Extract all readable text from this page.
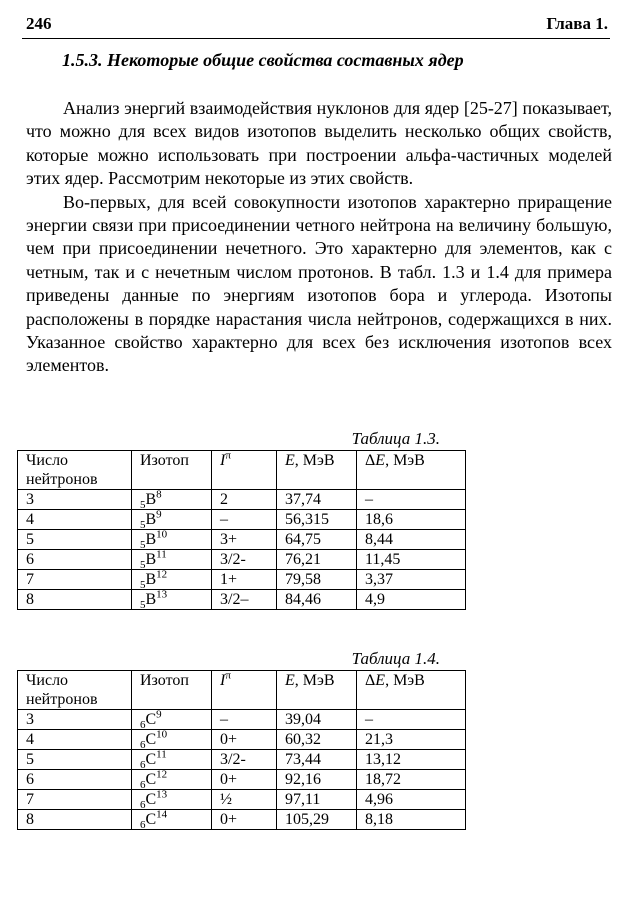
246	Глава 1.
1.5.3. Некоторые общие свойства составных ядер

Анализ энергий взаимодействия нуклонов для ядер [25-27] показывает, что можно для всех видов изотопов выделить несколько общих свойств, которые можно использовать при построении альфа-частичных моделей этих ядер. Рассмотрим некоторые из этих свойств.

Во-первых, для всей совокупности изотопов характерно приращение энергии связи при присоединении четного нейтрона на величину большую, чем при присоединении нечетного. Это характерно для элементов, как с четным, так и с нечетным числом протонов. В табл. 1.3 и 1.4 для примера приведены данные по энергиям изотопов бора и углерода. Изотопы расположены в порядке нарастания числа нейтронов, содержащихся в них. Указанное свойство характерно для всех без исключения изотопов всех элементов.

Таблица 1.3.
Число нейтронов	Изотоп	$I^\pi$	E, МэВ	ΔE, МэВ
3	$_5B^8$	2	37,74	–
4	$_5B^9$	–	56,315	18,6
5	$_5B^{10}$	3+	64,75	8,44
6	$_5B^{11}$	3/2-	76,21	11,45
7	$_5B^{12}$	1+	79,58	3,37
8	$_5B^{13}$	3/2–	84,46	4,9
Таблица 1.4.
Число нейтронов	Изотоп	$I^\pi$	E, МэВ	ΔE, МэВ
3	$_6C^9$	–	39,04	–
4	$_6C^{10}$	0+	60,32	21,3
5	$_6C^{11}$	3/2-	73,44	13,12
6	$_6C^{12}$	0+	92,16	18,72
7	$_6C^{13}$	½	97,11	4,96
8	$_6C^{14}$	0+	105,29	8,18
